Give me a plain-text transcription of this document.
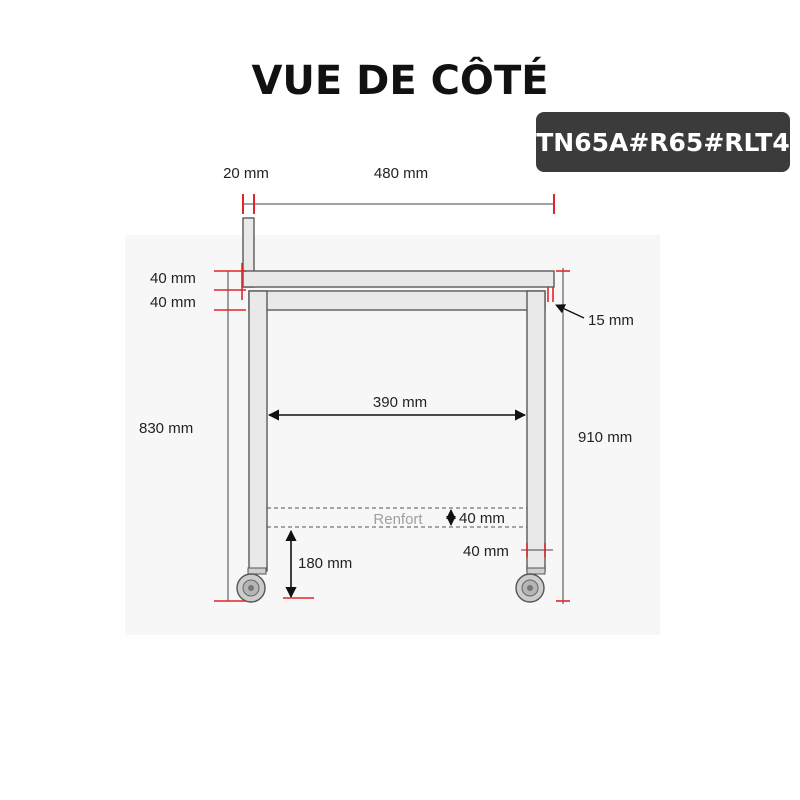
VUE DE CÔTÉ
TN65A#R65#RLT4
Renfort
20 mm	480 mm
40 mm
40 mm
830 mm
15 mm
910 mm
390 mm
40 mm
40 mm
180 mm
